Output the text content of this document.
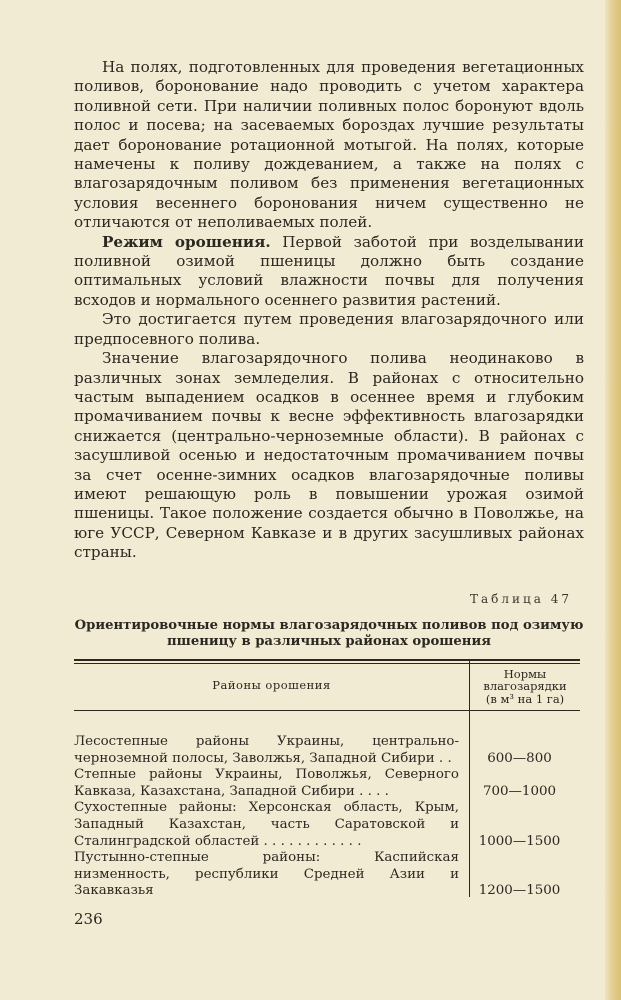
На полях, подготовленных для проведения вегетационных поливов, боронование надо проводить с учетом характера поливной сети. При наличии поливных полос боронуют вдоль полос и посева; на засеваемых бороздах лучшие результаты дает боронование ротационной мотыгой. На полях, которые намечены к поливу дождеванием, а также на полях с влагозарядочным поливом без применения вегетационных условия весеннего боронования ничем существенно не отличаются от неполиваемых полей.

Режим орошения. Первой заботой при возделывании поливной озимой пшеницы должно быть создание оптимальных условий влажности почвы для получения всходов и нормального осеннего развития растений.

Это достигается путем проведения влагозарядочного или предпосевного полива.

Значение влагозарядочного полива неодинаково в различных зонах земледелия. В районах с относительно частым выпадением осадков в осеннее время и глубоким промачиванием почвы к весне эффективность влагозарядки снижается (центрально-черноземные области). В районах с засушливой осенью и недостаточным промачиванием почвы за счет осенне-зимних осадков влагозарядочные поливы имеют решающую роль в повышении урожая озимой пшеницы. Такое положение создается обычно в Поволжье, на юге УССР, Северном Кавказе и в других засушливых районах страны.

Таблица 47
Ориентировочные нормы влагозарядочных поливов под озимую
пшеницу в различных районах орошения
Районы орошения
Нормы
влагозарядки
(в м³ на 1 га)
Лесостепные районы Украины, центрально-черноземной полосы, Заволжья, Западной Сибири . .	600—800
Степные районы Украины, Поволжья, Северного Кавказа, Казахстана, Западной Сибири . . . .	700—1000
Сухостепные районы: Херсонская область, Крым, Западный Казахстан, часть Саратовской и Сталинградской областей . . . . . . . . . . . .	1000—1500
Пустынно-степные районы: Каспийская низменность, республики Средней Азии и Закавказья	1200—1500
236
